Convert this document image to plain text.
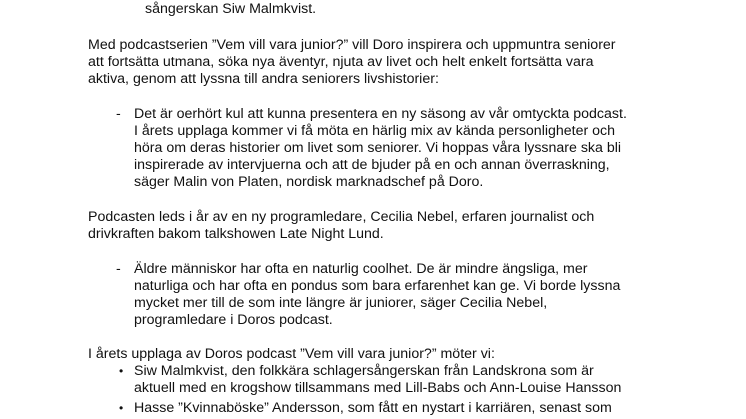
sångerskan Siw Malmkvist.
Med podcastserien ”Vem vill vara junior?” vill Doro inspirera och uppmuntra seniorer
att fortsätta utmana, söka nya äventyr, njuta av livet och helt enkelt fortsätta vara
aktiva, genom att lyssna till andra seniorers livshistorier:
- Det är oerhört kul att kunna presentera en ny säsong av vår omtyckta podcast.
I årets upplaga kommer vi få möta en härlig mix av kända personligheter och
höra om deras historier om livet som seniorer. Vi hoppas våra lyssnare ska bli
inspirerade av intervjuerna och att de bjuder på en och annan överraskning,
säger Malin von Platen, nordisk marknadschef på Doro.
Podcasten leds i år av en ny programledare, Cecilia Nebel, erfaren journalist och
drivkraften bakom talkshowen Late Night Lund.
- Äldre människor har ofta en naturlig coolhet. De är mindre ängsliga, mer
naturliga och har ofta en pondus som bara erfarenhet kan ge. Vi borde lyssna
mycket mer till de som inte längre är juniorer, säger Cecilia Nebel,
programledare i Doros podcast.
I årets upplaga av Doros podcast ”Vem vill vara junior?” möter vi:
• Siw Malmkvist, den folkkära schlagersångerskan från Landskrona som är
aktuell med en krogshow tillsammans med Lill-Babs och Ann-Louise Hansson
• Hasse ”Kvinnaböske” Andersson, som fått en nystart i karriären, senast som
